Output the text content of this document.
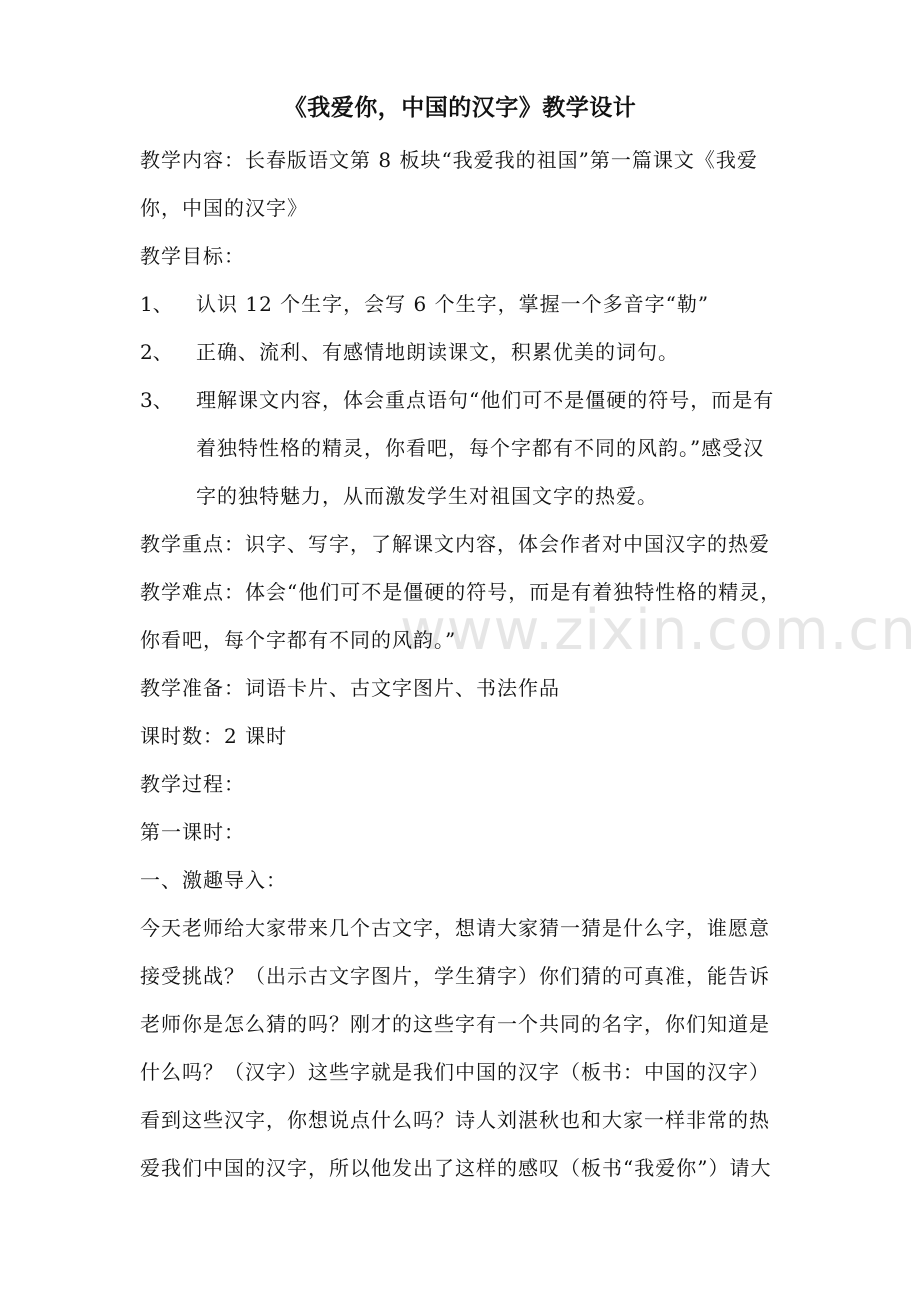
www.zixin.com.cn
《我爱你，中国的汉字》教学设计
教学内容：长春版语文第 8 板块“我爱我的祖国”第一篇课文《我爱
你，中国的汉字》
教学目标：
1、 认识 12 个生字，会写 6 个生字，掌握一个多音字“勒”
2、 正确、流利、有感情地朗读课文，积累优美的词句。
3、 理解课文内容，体会重点语句“他们可不是僵硬的符号，而是有
着独特性格的精灵，你看吧，每个字都有不同的风韵。”感受汉
字的独特魅力，从而激发学生对祖国文字的热爱。
教学重点：识字、写字，了解课文内容，体会作者对中国汉字的热爱
教学难点：体会“他们可不是僵硬的符号，而是有着独特性格的精灵，
你看吧，每个字都有不同的风韵。”
教学准备：词语卡片、古文字图片、书法作品
课时数：2 课时
教学过程：
第一课时：
一、激趣导入：
今天老师给大家带来几个古文字，想请大家猜一猜是什么字，谁愿意
接受挑战？（出示古文字图片，学生猜字）你们猜的可真准，能告诉
老师你是怎么猜的吗？刚才的这些字有一个共同的名字，你们知道是
什么吗？（汉字）这些字就是我们中国的汉字（板书：中国的汉字）
看到这些汉字，你想说点什么吗？诗人刘湛秋也和大家一样非常的热
爱我们中国的汉字，所以他发出了这样的感叹（板书“我爱你”）请大
